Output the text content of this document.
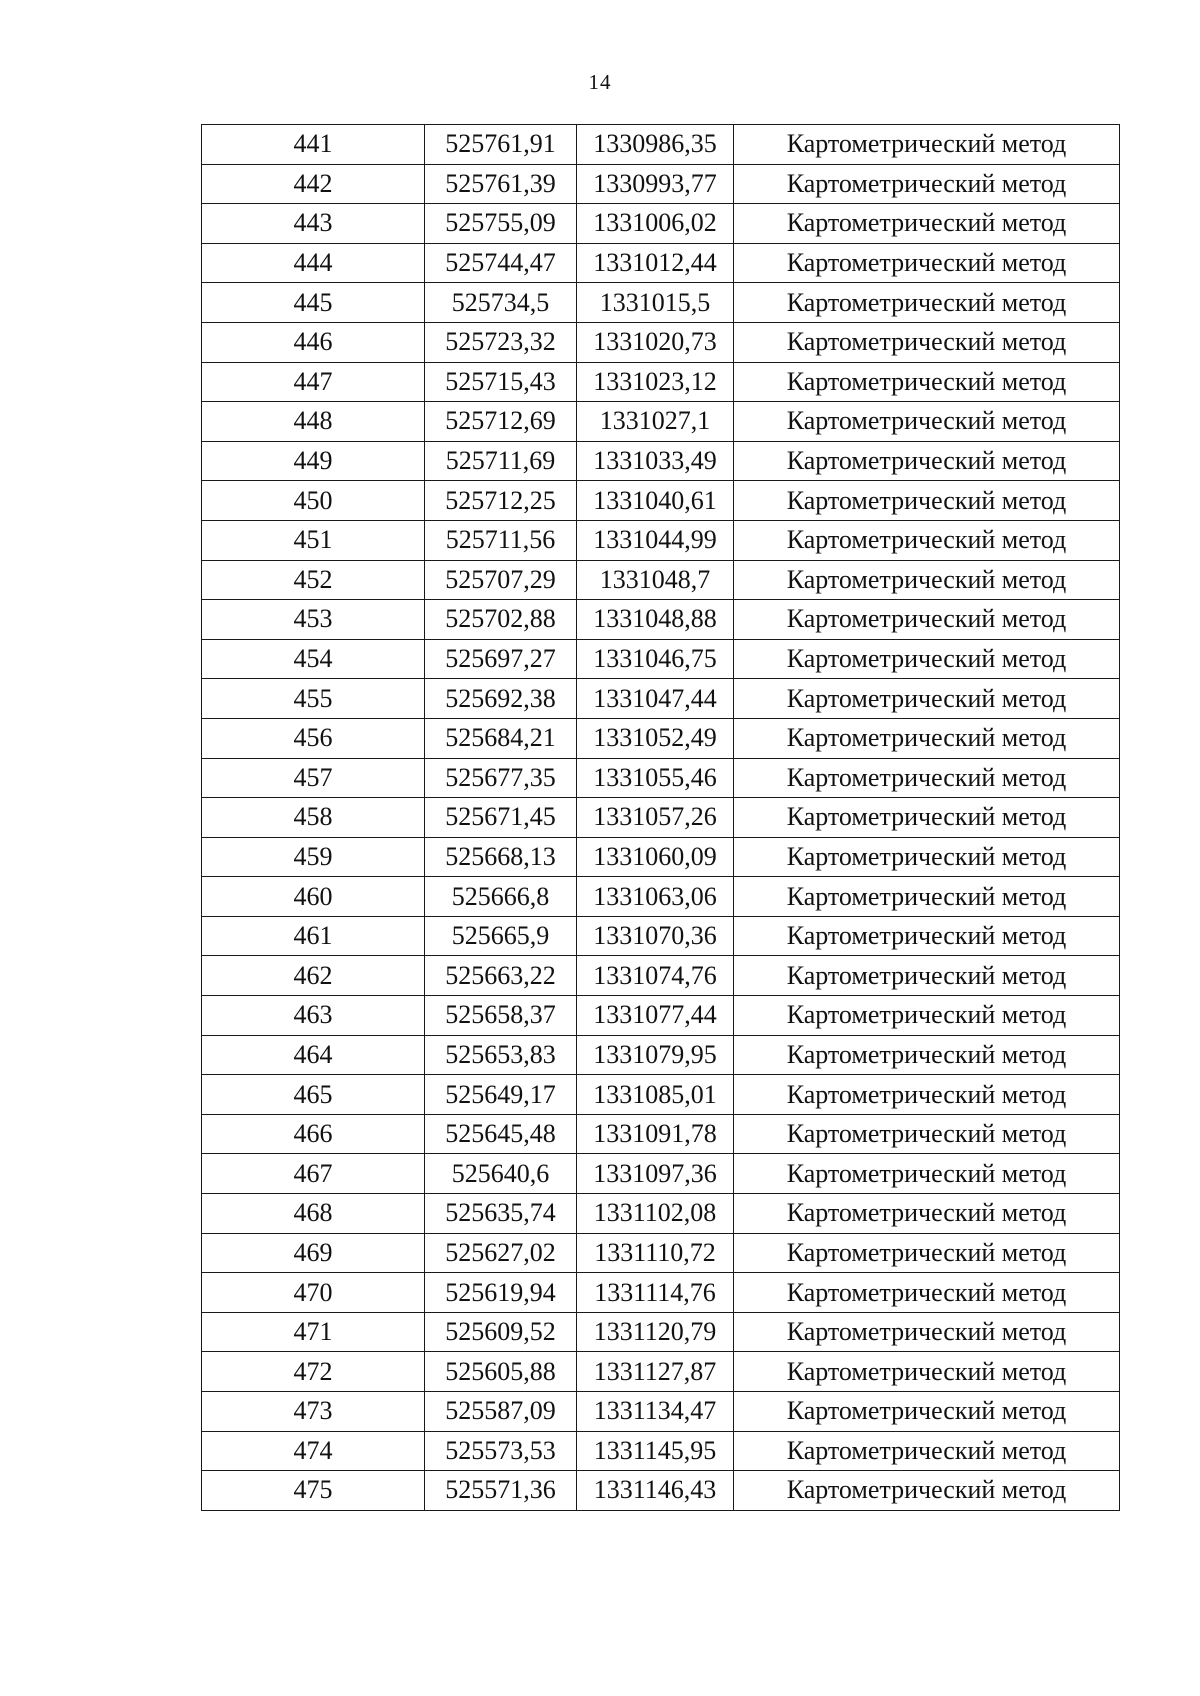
14
441	525761,91	1330986,35	Картометрический метод
442	525761,39	1330993,77	Картометрический метод
443	525755,09	1331006,02	Картометрический метод
444	525744,47	1331012,44	Картометрический метод
445	525734,5	1331015,5	Картометрический метод
446	525723,32	1331020,73	Картометрический метод
447	525715,43	1331023,12	Картометрический метод
448	525712,69	1331027,1	Картометрический метод
449	525711,69	1331033,49	Картометрический метод
450	525712,25	1331040,61	Картометрический метод
451	525711,56	1331044,99	Картометрический метод
452	525707,29	1331048,7	Картометрический метод
453	525702,88	1331048,88	Картометрический метод
454	525697,27	1331046,75	Картометрический метод
455	525692,38	1331047,44	Картометрический метод
456	525684,21	1331052,49	Картометрический метод
457	525677,35	1331055,46	Картометрический метод
458	525671,45	1331057,26	Картометрический метод
459	525668,13	1331060,09	Картометрический метод
460	525666,8	1331063,06	Картометрический метод
461	525665,9	1331070,36	Картометрический метод
462	525663,22	1331074,76	Картометрический метод
463	525658,37	1331077,44	Картометрический метод
464	525653,83	1331079,95	Картометрический метод
465	525649,17	1331085,01	Картометрический метод
466	525645,48	1331091,78	Картометрический метод
467	525640,6	1331097,36	Картометрический метод
468	525635,74	1331102,08	Картометрический метод
469	525627,02	1331110,72	Картометрический метод
470	525619,94	1331114,76	Картометрический метод
471	525609,52	1331120,79	Картометрический метод
472	525605,88	1331127,87	Картометрический метод
473	525587,09	1331134,47	Картометрический метод
474	525573,53	1331145,95	Картометрический метод
475	525571,36	1331146,43	Картометрический метод
